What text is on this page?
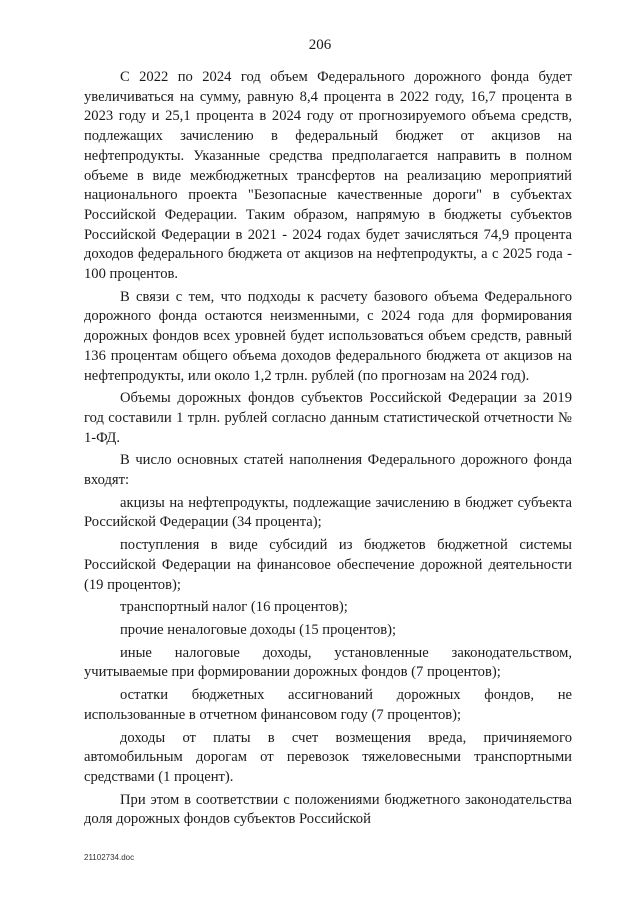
206

С 2022 по 2024 год объем Федерального дорожного фонда будет увеличиваться на сумму, равную 8,4 процента в 2022 году, 16,7 процента в 2023 году и 25,1 процента в 2024 году от прогнозируемого объема средств, подлежащих зачислению в федеральный бюджет от акцизов на нефтепродукты. Указанные средства предполагается направить в полном объеме в виде межбюджетных трансфертов на реализацию мероприятий национального проекта "Безопасные качественные дороги" в субъектах Российской Федерации. Таким образом, напрямую в бюджеты субъектов Российской Федерации в 2021 - 2024 годах будет зачисляться 74,9 процента доходов федерального бюджета от акцизов на нефтепродукты, а с 2025 года - 100 процентов.

В связи с тем, что подходы к расчету базового объема Федерального дорожного фонда остаются неизменными, с 2024 года для формирования дорожных фондов всех уровней будет использоваться объем средств, равный 136 процентам общего объема доходов федерального бюджета от акцизов на нефтепродукты, или около 1,2 трлн. рублей (по прогнозам на 2024 год).

Объемы дорожных фондов субъектов Российской Федерации за 2019 год составили 1 трлн. рублей согласно данным статистической отчетности № 1-ФД.

В число основных статей наполнения Федерального дорожного фонда входят:

акцизы на нефтепродукты, подлежащие зачислению в бюджет субъекта Российской Федерации (34 процента);

поступления в виде субсидий из бюджетов бюджетной системы Российской Федерации на финансовое обеспечение дорожной деятельности (19 процентов);

транспортный налог (16 процентов);

прочие неналоговые доходы (15 процентов);

иные налоговые доходы, установленные законодательством, учитываемые при формировании дорожных фондов (7 процентов);

остатки бюджетных ассигнований дорожных фондов, не использованные в отчетном финансовом году (7 процентов);

доходы от платы в счет возмещения вреда, причиняемого автомобильным дорогам от перевозок тяжеловесными транспортными средствами (1 процент).

При этом в соответствии с положениями бюджетного законодательства доля дорожных фондов субъектов Российской

21102734.doc
